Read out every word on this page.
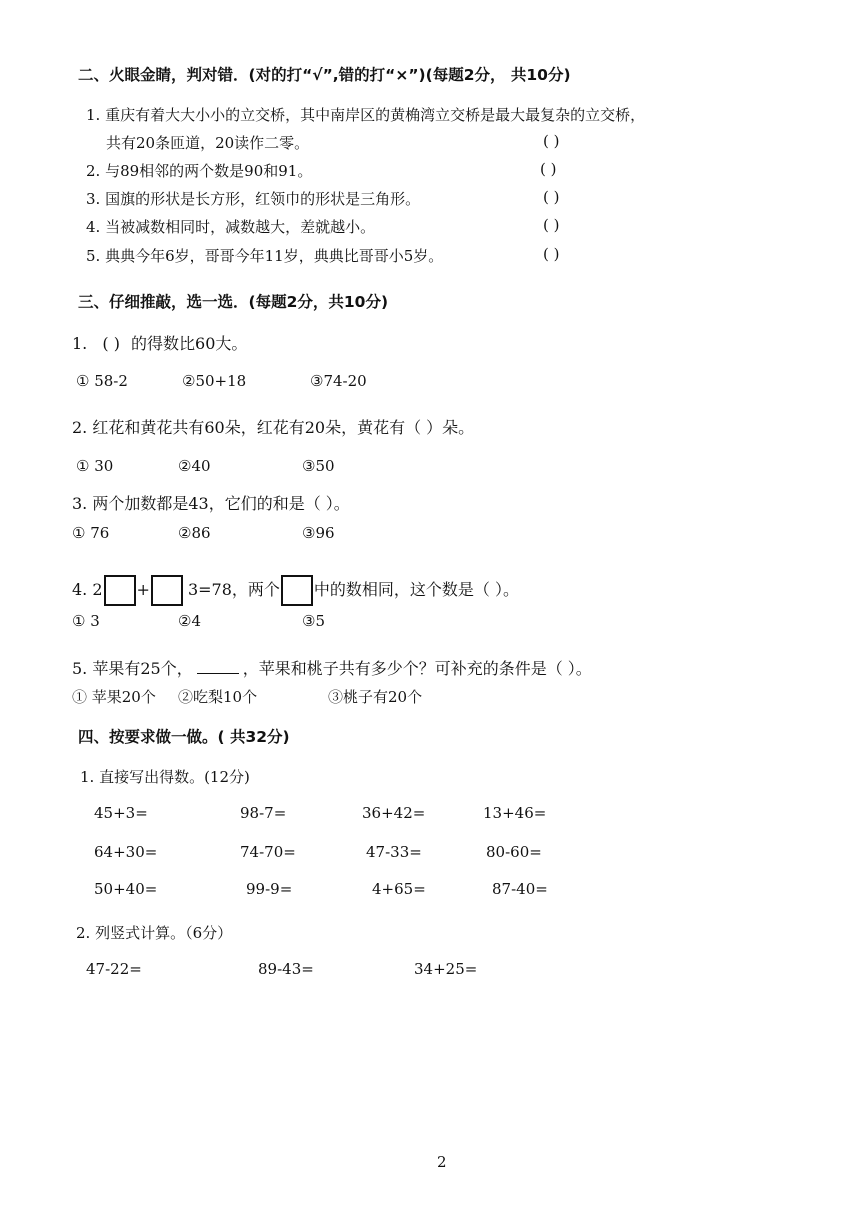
二、火眼金睛，判对错．(对的打“√”,错的打“×”)(每题2分， 共10分)
1. 重庆有着大大小小的立交桥，其中南岸区的黄桷湾立交桥是最大最复杂的立交桥，
共有20条匝道，20读作二零。	( )
2. 与89相邻的两个数是90和91。	( )
3. 国旗的形状是长方形，红领巾的形状是三角形。	( )
4. 当被减数相同时，减数越大，差就越小。	( )
5. 典典今年6岁，哥哥今年11岁，典典比哥哥小5岁。	( )
三、仔细推敲，选一选．(每题2分，共10分)
1. ( ) 的得数比60大。
① 58-2	②50+18	③74-20
2. 红花和黄花共有60朵，红花有20朵，黄花有（ ）朵。
① 30	②40	③50
3. 两个加数都是43，它们的和是（ ）。
① 76	②86	③96
4. 2 + 3=78，两个 中的数相同，这个数是（ ）。
① 3	②4	③5
5. 苹果有25个，	，苹果和桃子共有多少个？可补充的条件是（ ）。
① 苹果20个 ②吃梨10个	③桃子有20个
四、按要求做一做。( 共32分)
1. 直接写出得数。(12分)
45+3=	98-7=	36+42=	13+46=
64+30=	74-70=	47-33=	80-60=
50+40=	99-9=	4+65=	87-40=
2. 列竖式计算。（6分）
47-22=	89-43=	34+25=
2
